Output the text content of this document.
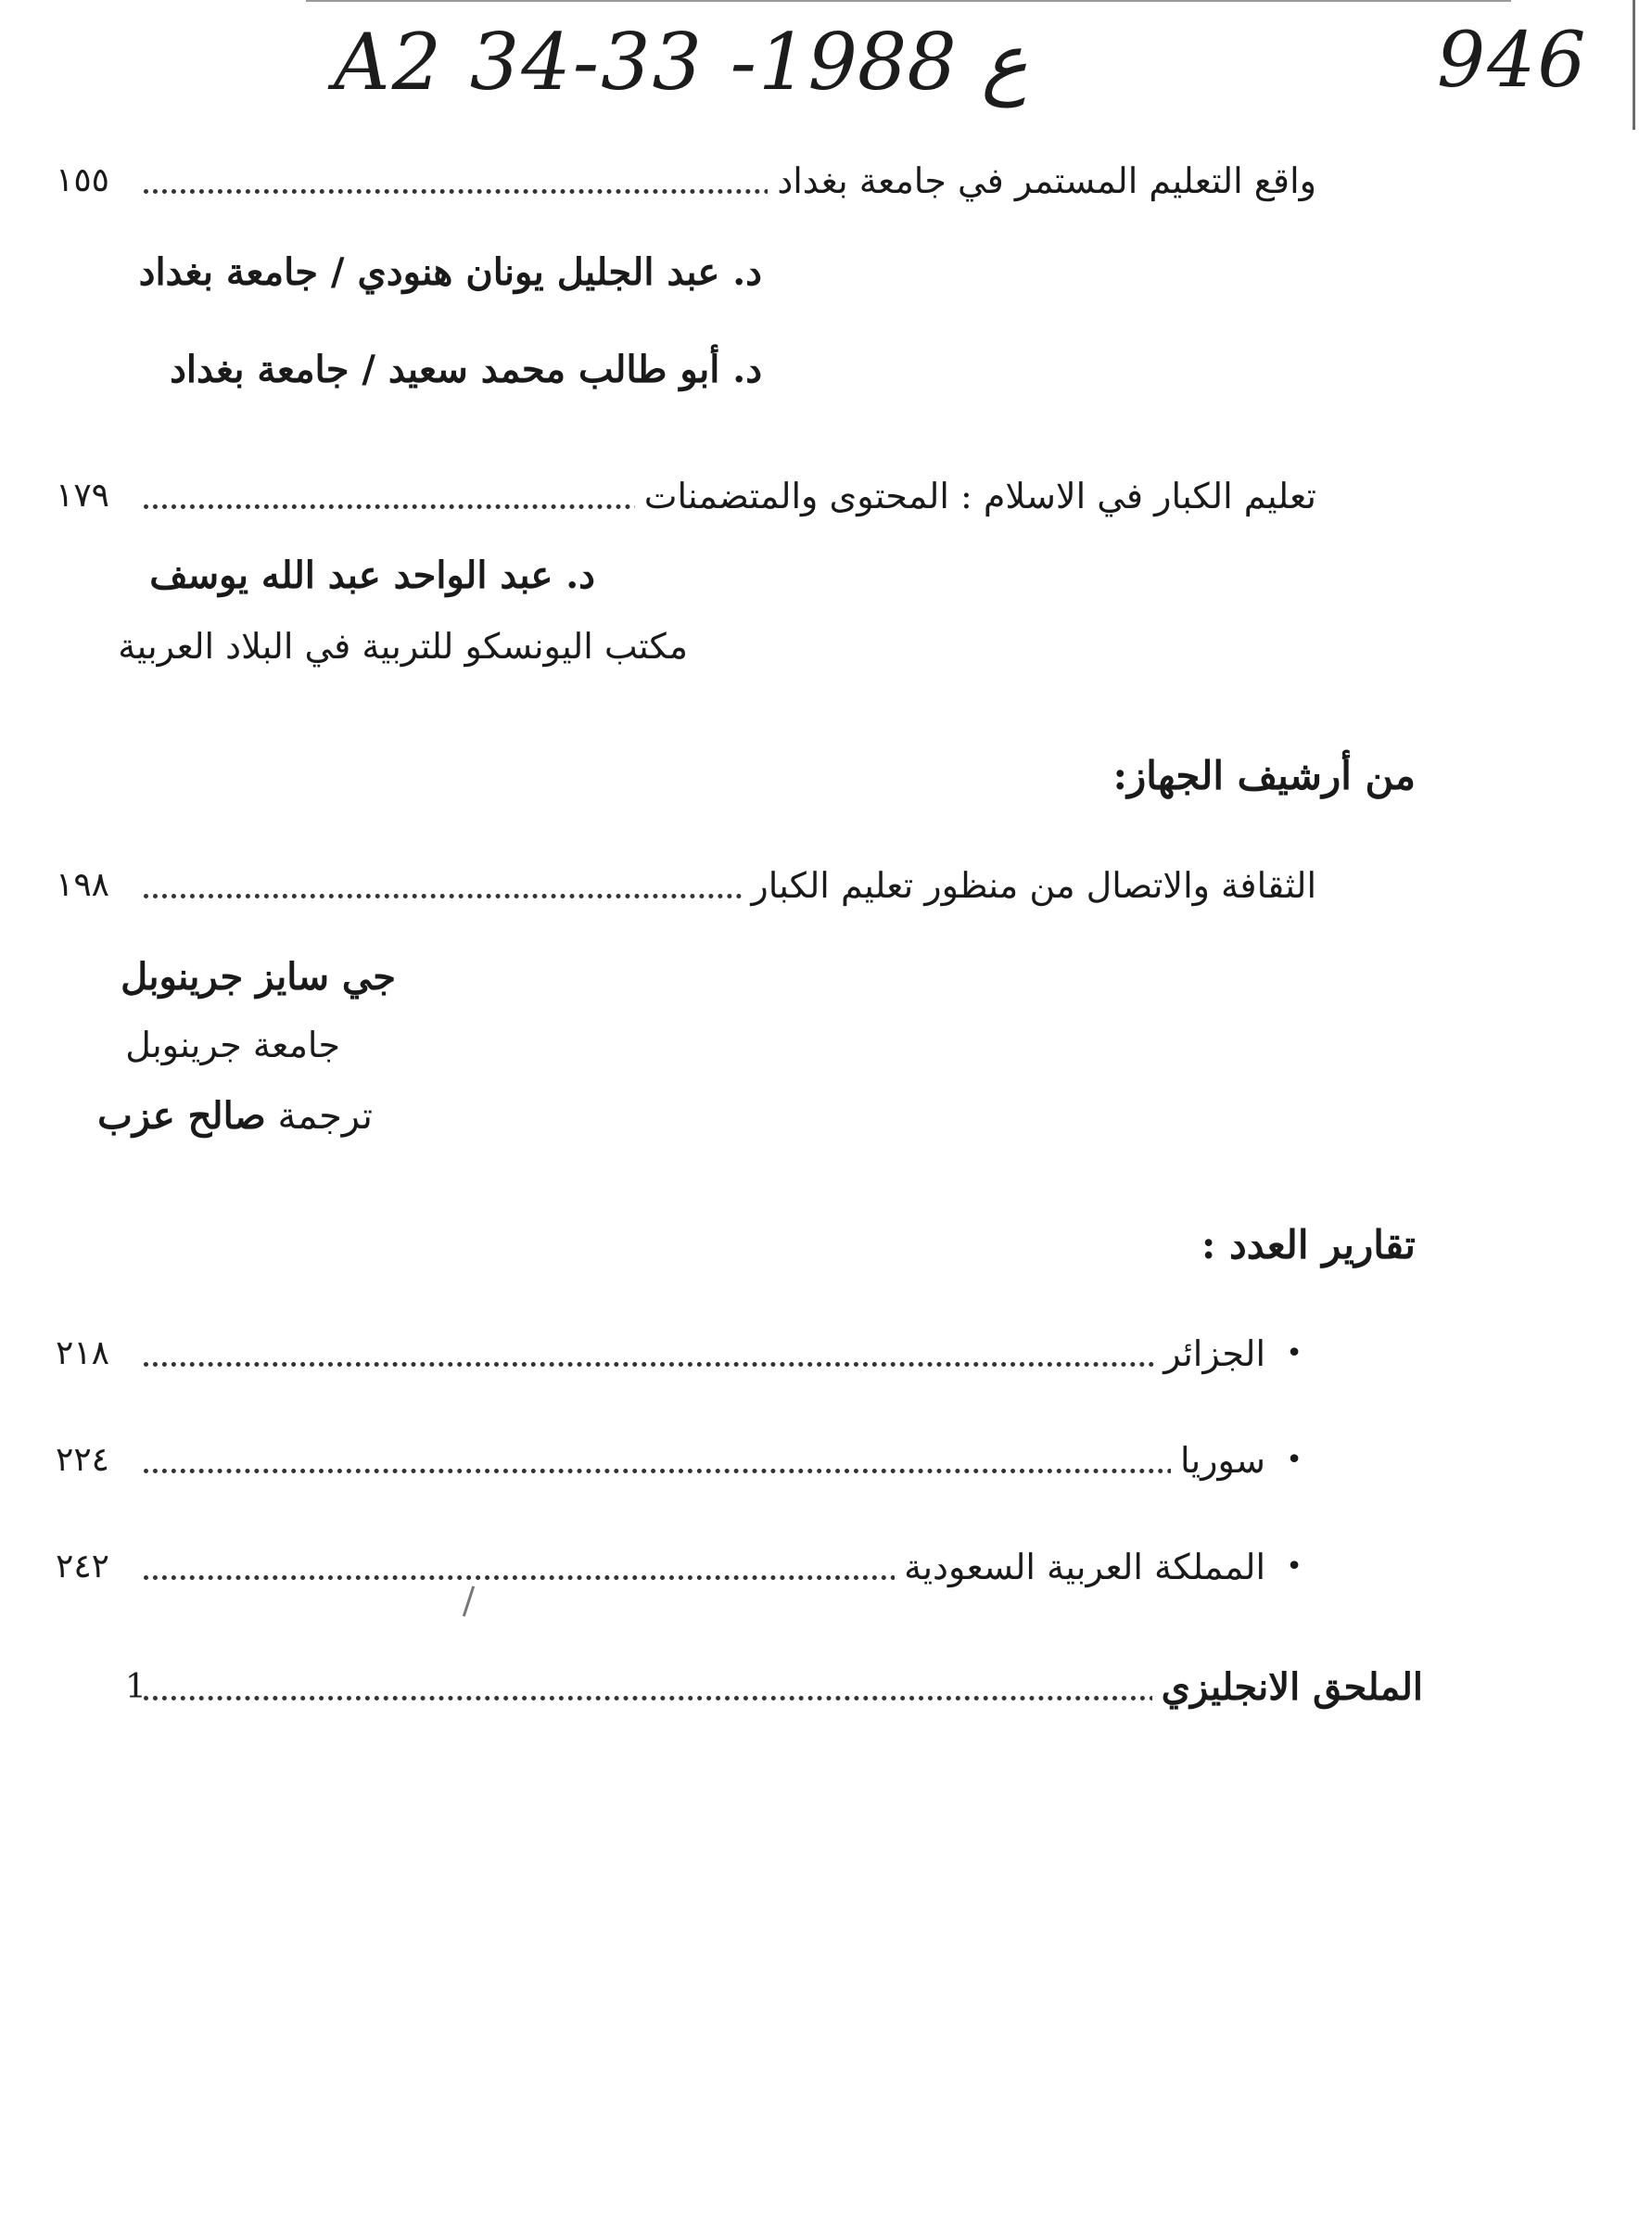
A2 34-33 -ع 1988	946
١٥٥	واقع التعليم المستمر في جامعة بغداد
د. عبد الجليل يونان هنودي / جامعة بغداد
د. أبو طالب محمد سعيد / جامعة بغداد
١٧٩	تعليم الكبار في الاسلام : المحتوى والمتضمنات
د. عبد الواحد عبد الله يوسف
مكتب اليونسكو للتربية في البلاد العربية
من أرشيف الجهاز:
١٩٨	الثقافة والاتصال من منظور تعليم الكبار
جي سايز جرينوبل
جامعة جرينوبل
ترجمة صالح عزب
تقارير العدد :
٢١٨	الجزائر •
٢٢٤	سوريا •
٢٤٢	المملكة العربية السعودية •
1	الملحق الانجليزي
